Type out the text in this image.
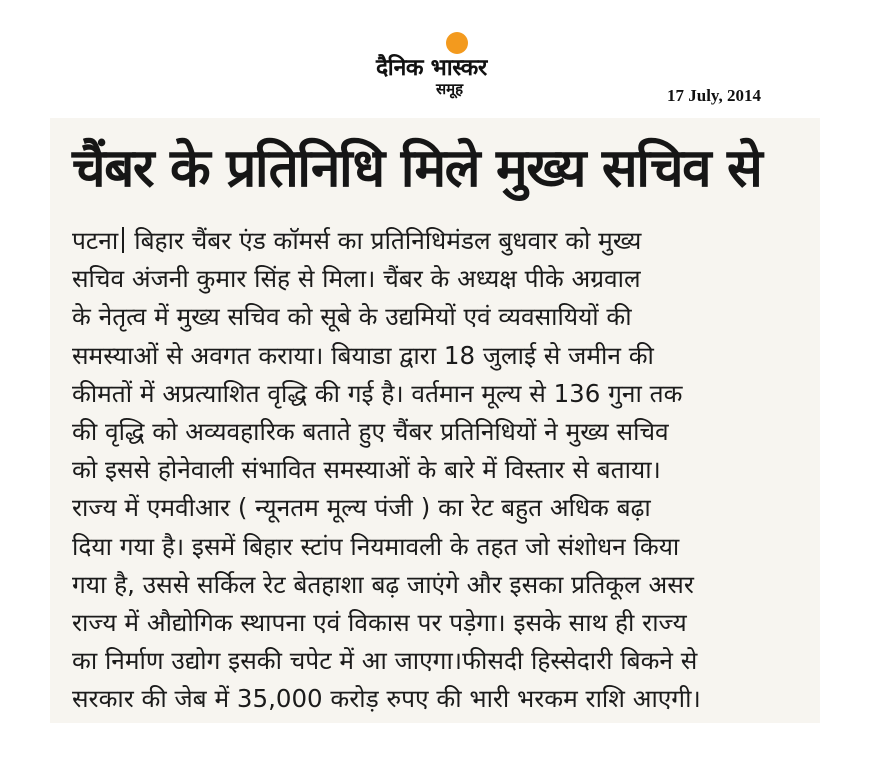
दैनिक भास्कर
समूह	17 July, 2014
चैंबर के प्रतिनिधि मिले मुख्य सचिव से
पटना बिहार चैंबर एंड कॉमर्स का प्रतिनिधिमंडल बुधवार को मुख्य
सचिव अंजनी कुमार सिंह से मिला। चैंबर के अध्यक्ष पीके अग्रवाल
के नेतृत्व में मुख्य सचिव को सूबे के उद्यमियों एवं व्यवसायियों की
समस्याओं से अवगत कराया। बियाडा द्वारा 18 जुलाई से जमीन की
कीमतों में अप्रत्याशित वृद्धि की गई है। वर्तमान मूल्य से 136 गुना तक
की वृद्धि को अव्यवहारिक बताते हुए चैंबर प्रतिनिधियों ने मुख्य सचिव
को इससे होनेवाली संभावित समस्याओं के बारे में विस्तार से बताया।
राज्य में एमवीआर ( न्यूनतम मूल्य पंजी ) का रेट बहुत अधिक बढ़ा
दिया गया है। इसमें बिहार स्टांप नियमावली के तहत जो संशोधन किया
गया है, उससे सर्किल रेट बेतहाशा बढ़ जाएंगे और इसका प्रतिकूल असर
राज्य में औद्योगिक स्थापना एवं विकास पर पड़ेगा। इसके साथ ही राज्य
का निर्माण उद्योग इसकी चपेट में आ जाएगा।फीसदी हिस्सेदारी बिकने से
सरकार की जेब में 35,000 करोड़ रुपए की भारी भरकम राशि आएगी।
